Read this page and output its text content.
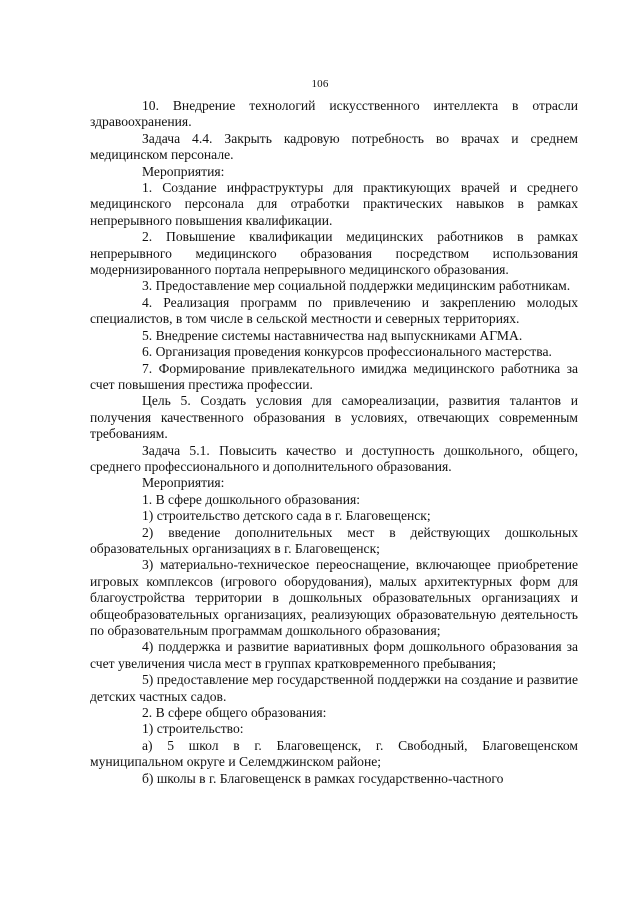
106

10. Внедрение технологий искусственного интеллекта в отрасли здравоохранения.

Задача 4.4. Закрыть кадровую потребность во врачах и среднем медицинском персонале.

Мероприятия:

1. Создание инфраструктуры для практикующих врачей и среднего медицинского персонала для отработки практических навыков в рамках непрерывного повышения квалификации.

2. Повышение квалификации медицинских работников в рамках непрерывного медицинского образования посредством использования модернизированного портала непрерывного медицинского образования.

3. Предоставление мер социальной поддержки медицинским работникам.

4. Реализация программ по привлечению и закреплению молодых специалистов, в том числе в сельской местности и северных территориях.

5. Внедрение системы наставничества над выпускниками АГМА.

6. Организация проведения конкурсов профессионального мастерства.

7. Формирование привлекательного имиджа медицинского работника за счет повышения престижа профессии.

Цель 5. Создать условия для самореализации, развития талантов и получения качественного образования в условиях, отвечающих современным требованиям.

Задача 5.1. Повысить качество и доступность дошкольного, общего, среднего профессионального и дополнительного образования.

Мероприятия:

1. В сфере дошкольного образования:

1) строительство детского сада в г. Благовещенск;

2) введение дополнительных мест в действующих дошкольных образовательных организациях в г. Благовещенск;

3) материально-техническое переоснащение, включающее приобретение игровых комплексов (игрового оборудования), малых архитектурных форм для благоустройства территории в дошкольных образовательных организациях и общеобразовательных организациях, реализующих образовательную деятельность по образовательным программам дошкольного образования;

4) поддержка и развитие вариативных форм дошкольного образования за счет увеличения числа мест в группах кратковременного пребывания;

5) предоставление мер государственной поддержки на создание и развитие детских частных садов.

2. В сфере общего образования:

1) строительство:

а) 5 школ в г. Благовещенск, г. Свободный, Благовещенском муниципальном округе и Селемджинском районе;

б) школы в г. Благовещенск в рамках государственно-частного
